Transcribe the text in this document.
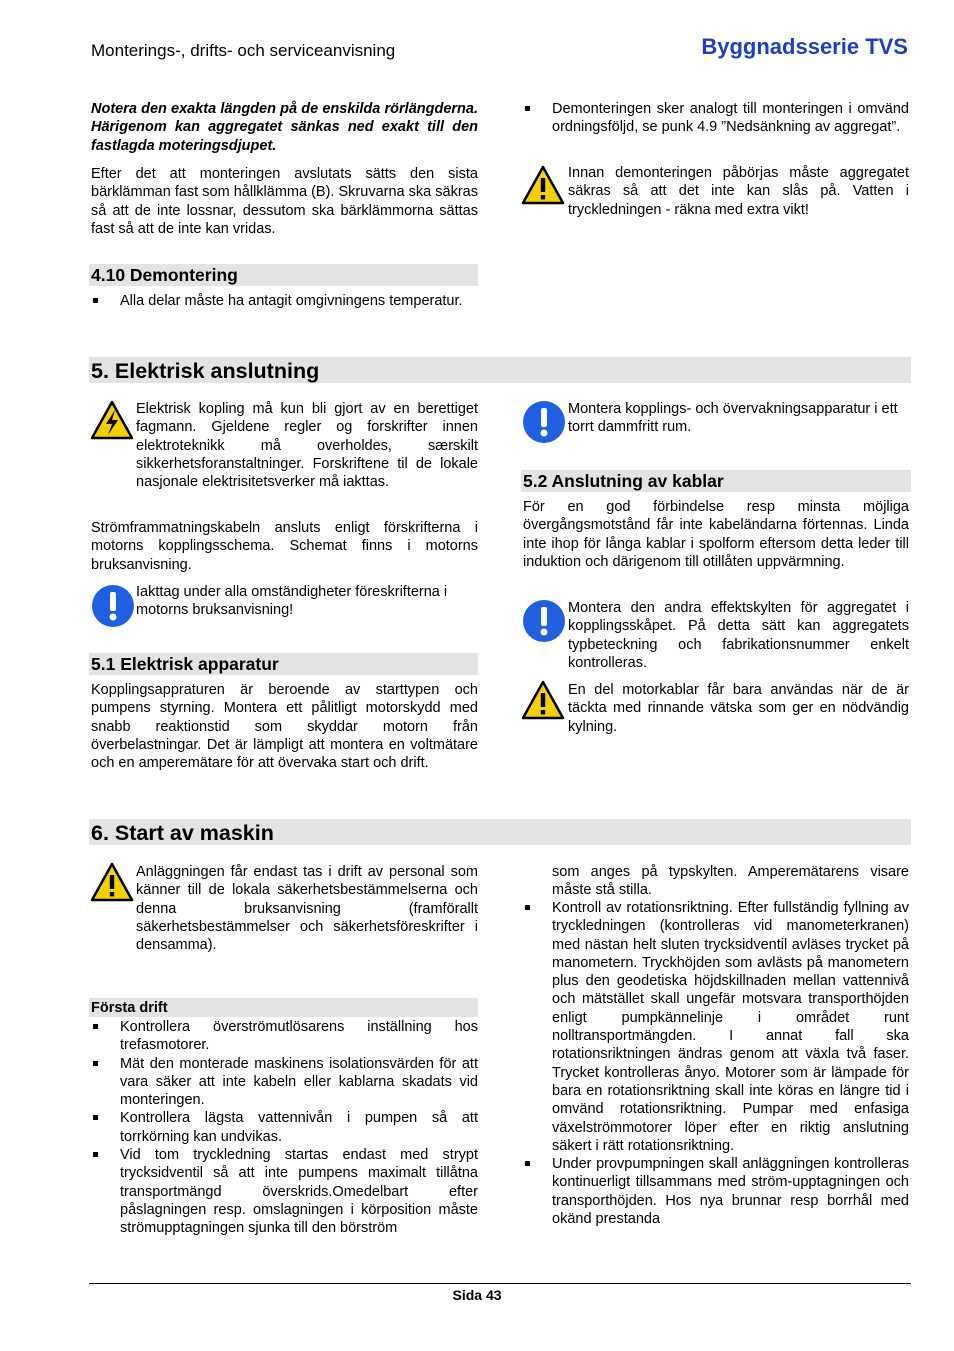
Monterings-, drifts- och serviceanvisning	Byggnadsserie TVS

Notera den exakta längden på de enskilda rörlängderna. Härigenom kan aggregatet sänkas ned exakt till den fastlagda moteringsdjupet.

Efter det att monteringen avslutats sätts den sista bärklämman fast som hållklämma (B). Skruvarna ska säkras så att de inte lossnar, dessutom ska bärklämmorna sättas fast så att de inte kan vridas.

Demonteringen sker analogt till monteringen i omvänd ordningsföljd, se punk 4.9 ”Nedsänkning av aggregat”.

Innan demonteringen påbörjas måste aggregatet säkras så att det inte kan slås på. Vatten i tryckledningen - räkna med extra vikt!

4.10 Demontering
Alla delar måste ha antagit omgivningens temperatur.
5. Elektrisk anslutning

Elektrisk kopling må kun bli gjort av en berettiget fagmann. Gjeldene regler og forskrifter innen elektroteknikk må overholdes, særskilt sikkerhetsforanstaltninger. Forskriftene til de lokale nasjonale elektrisitetsverker må iakttas.

Strömframmatningskabeln ansluts enligt förskrifterna i motorns kopplingsschema. Schemat finns i motorns bruksanvisning.

Iakttag under alla omständigheter föreskrifterna i motorns bruksanvisning!

Montera kopplings- och övervakningsapparatur i ett torrt dammfritt rum.

5.1 Elektrisk apparatur

Kopplingsappraturen är beroende av starttypen och pumpens styrning. Montera ett pålitligt motorskydd med snabb reaktionstid som skyddar motorn från överbelastningar. Det är lämpligt att montera en voltmätare och en amperemätare för att övervaka start och drift.

5.2 Anslutning av kablar

För en god förbindelse resp minsta möjliga övergångsmotstånd får inte kabeländarna förtennas. Linda inte ihop för långa kablar i spolform eftersom detta leder till induktion och därigenom till otillåten uppvärmning.

Montera den andra effektskylten för aggregatet i kopplingsskåpet. På detta sätt kan aggregatets typbeteckning och fabrikationsnummer enkelt kontrolleras.

En del motorkablar får bara användas när de är täckta med rinnande vätska som ger en nödvändig kylning.

6. Start av maskin

Anläggningen får endast tas i drift av personal som känner till de lokala säkerhetsbestämmelserna och denna bruksanvisning (framförallt säkerhetsbestämmelser och säkerhetsföreskrifter i densamma).

Första drift
Kontrollera överströmutlösarens inställning hos trefasmotorer.
Mät den monterade maskinens isolationsvärden för att vara säker att inte kabeln eller kablarna skadats vid monteringen.
Kontrollera lägsta vattennivån i pumpen så att torrkörning kan undvikas.
Vid tom tryckledning startas endast med strypt trycksidventil så att inte pumpens maximalt tillåtna transportmängd överskrids.Omedelbart efter påslagningen resp. omslagningen i körposition måste strömupptagningen sjunka till den börström

som anges på typskylten. Amperemätarens visare måste stå stilla.

Kontroll av rotationsriktning. Efter fullständig fyllning av tryckledningen (kontrolleras vid manometerkranen) med nästan helt sluten trycksidventil avläses trycket på manometern. Tryckhöjden som avlästs på manometern plus den geodetiska höjdskillnaden mellan vattennivå och mätstället skall ungefär motsvara transporthöjden enligt pumpkännelinje i området runt nolltransportmängden. I annat fall ska rotationsriktningen ändras genom att växla två faser. Trycket kontrolleras ånyo. Motorer som är lämpade för bara en rotationsriktning skall inte köras en längre tid i omvänd rotationsriktning. Pumpar med enfasiga växelströmmotorer löper efter en riktig anslutning säkert i rätt rotationsriktning.
Under provpumpningen skall anläggningen kontrolleras kontinuerligt tillsammans med ström-upptagningen och transporthöjden. Hos nya brunnar resp borrhål med okänd prestanda
Sida 43
